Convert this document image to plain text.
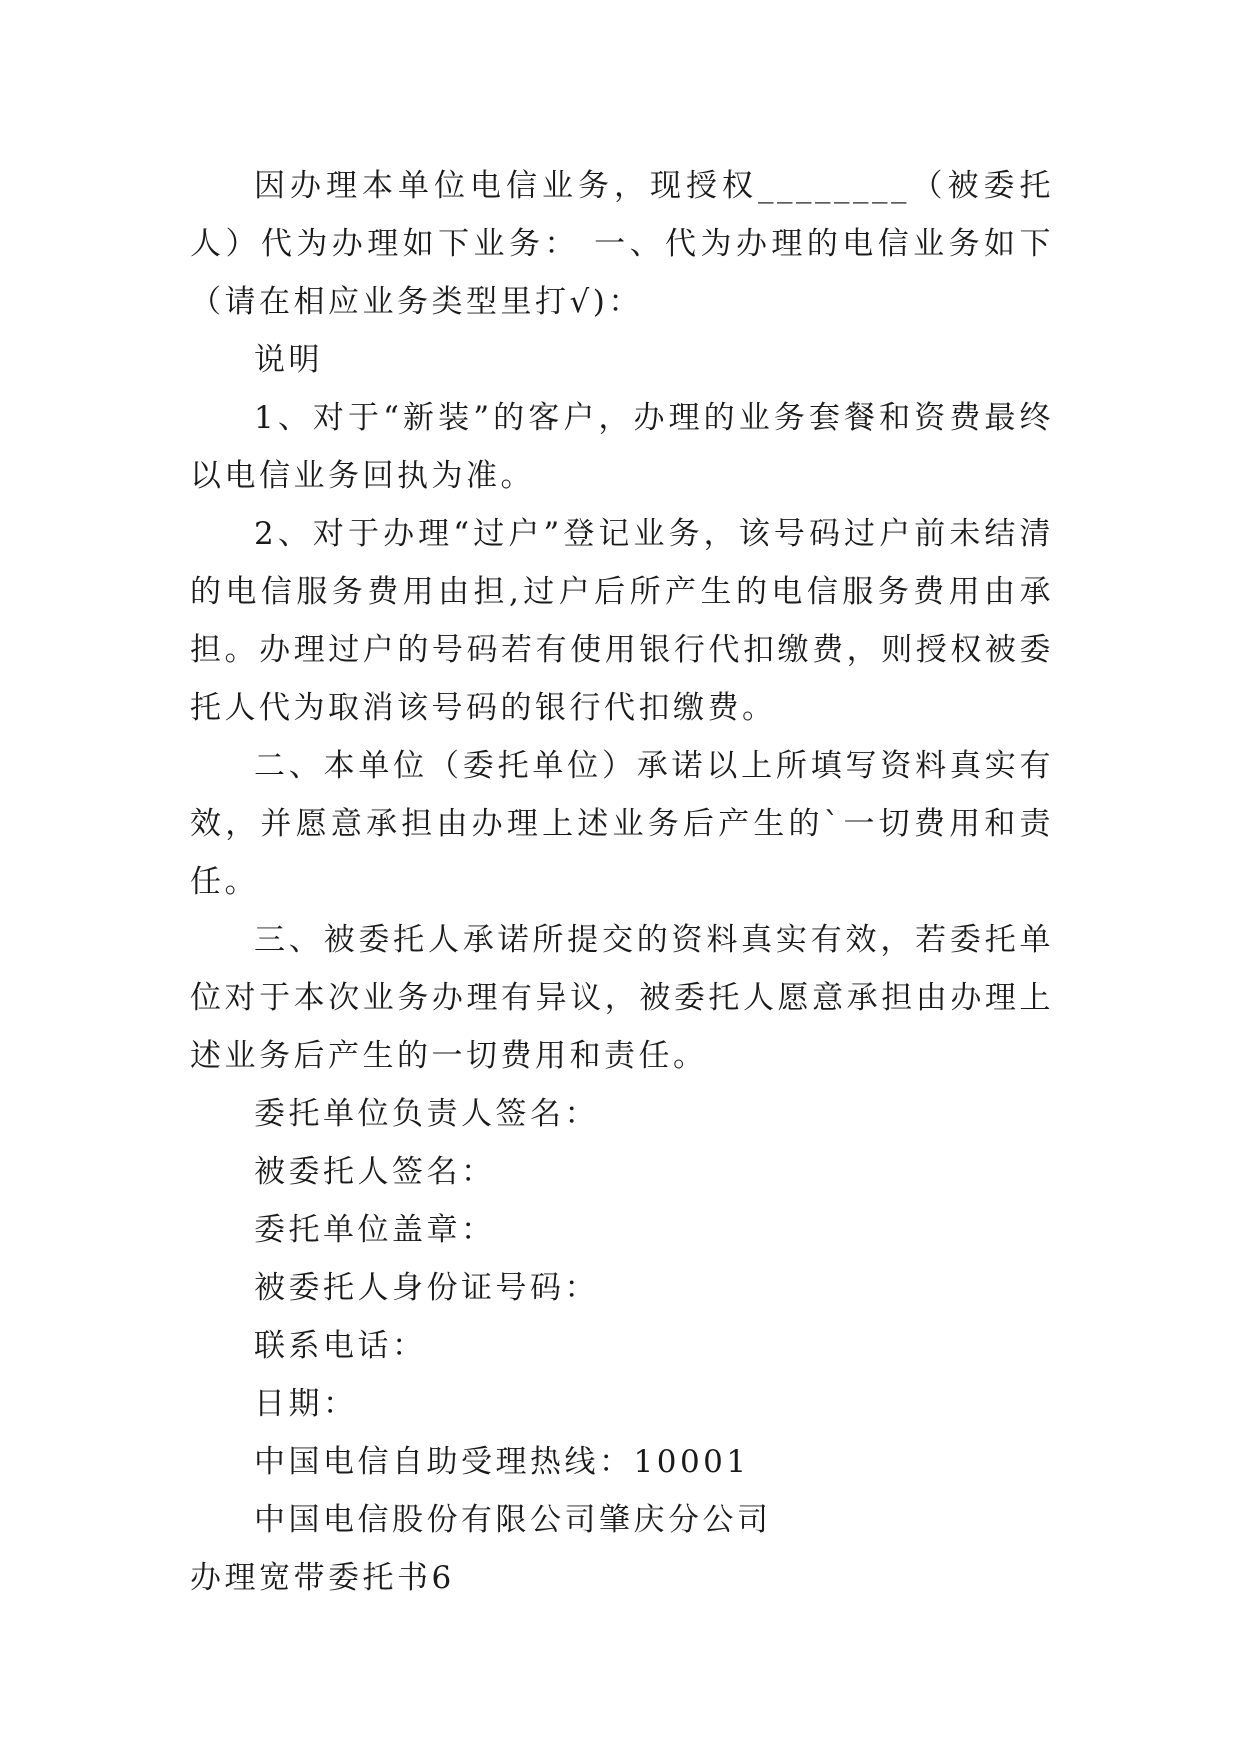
因办理本单位电信业务，现授权________（被委托人）代为办理如下业务： 一、代为办理的电信业务如下（请在相应业务类型里打√)：

说明

1、对于“新装”的客户，办理的业务套餐和资费最终以电信业务回执为准。

2、对于办理“过户”登记业务，该号码过户前未结清的电信服务费用由担,过户后所产生的电信服务费用由承担。办理过户的号码若有使用银行代扣缴费，则授权被委托人代为取消该号码的银行代扣缴费。

二、本单位（委托单位）承诺以上所填写资料真实有效，并愿意承担由办理上述业务后产生的`一切费用和责任。

三、被委托人承诺所提交的资料真实有效，若委托单位对于本次业务办理有异议，被委托人愿意承担由办理上述业务后产生的一切费用和责任。

委托单位负责人签名：

被委托人签名：

委托单位盖章：

被委托人身份证号码：

联系电话：

日期：

中国电信自助受理热线：10001

中国电信股份有限公司肇庆分公司

办理宽带委托书6
